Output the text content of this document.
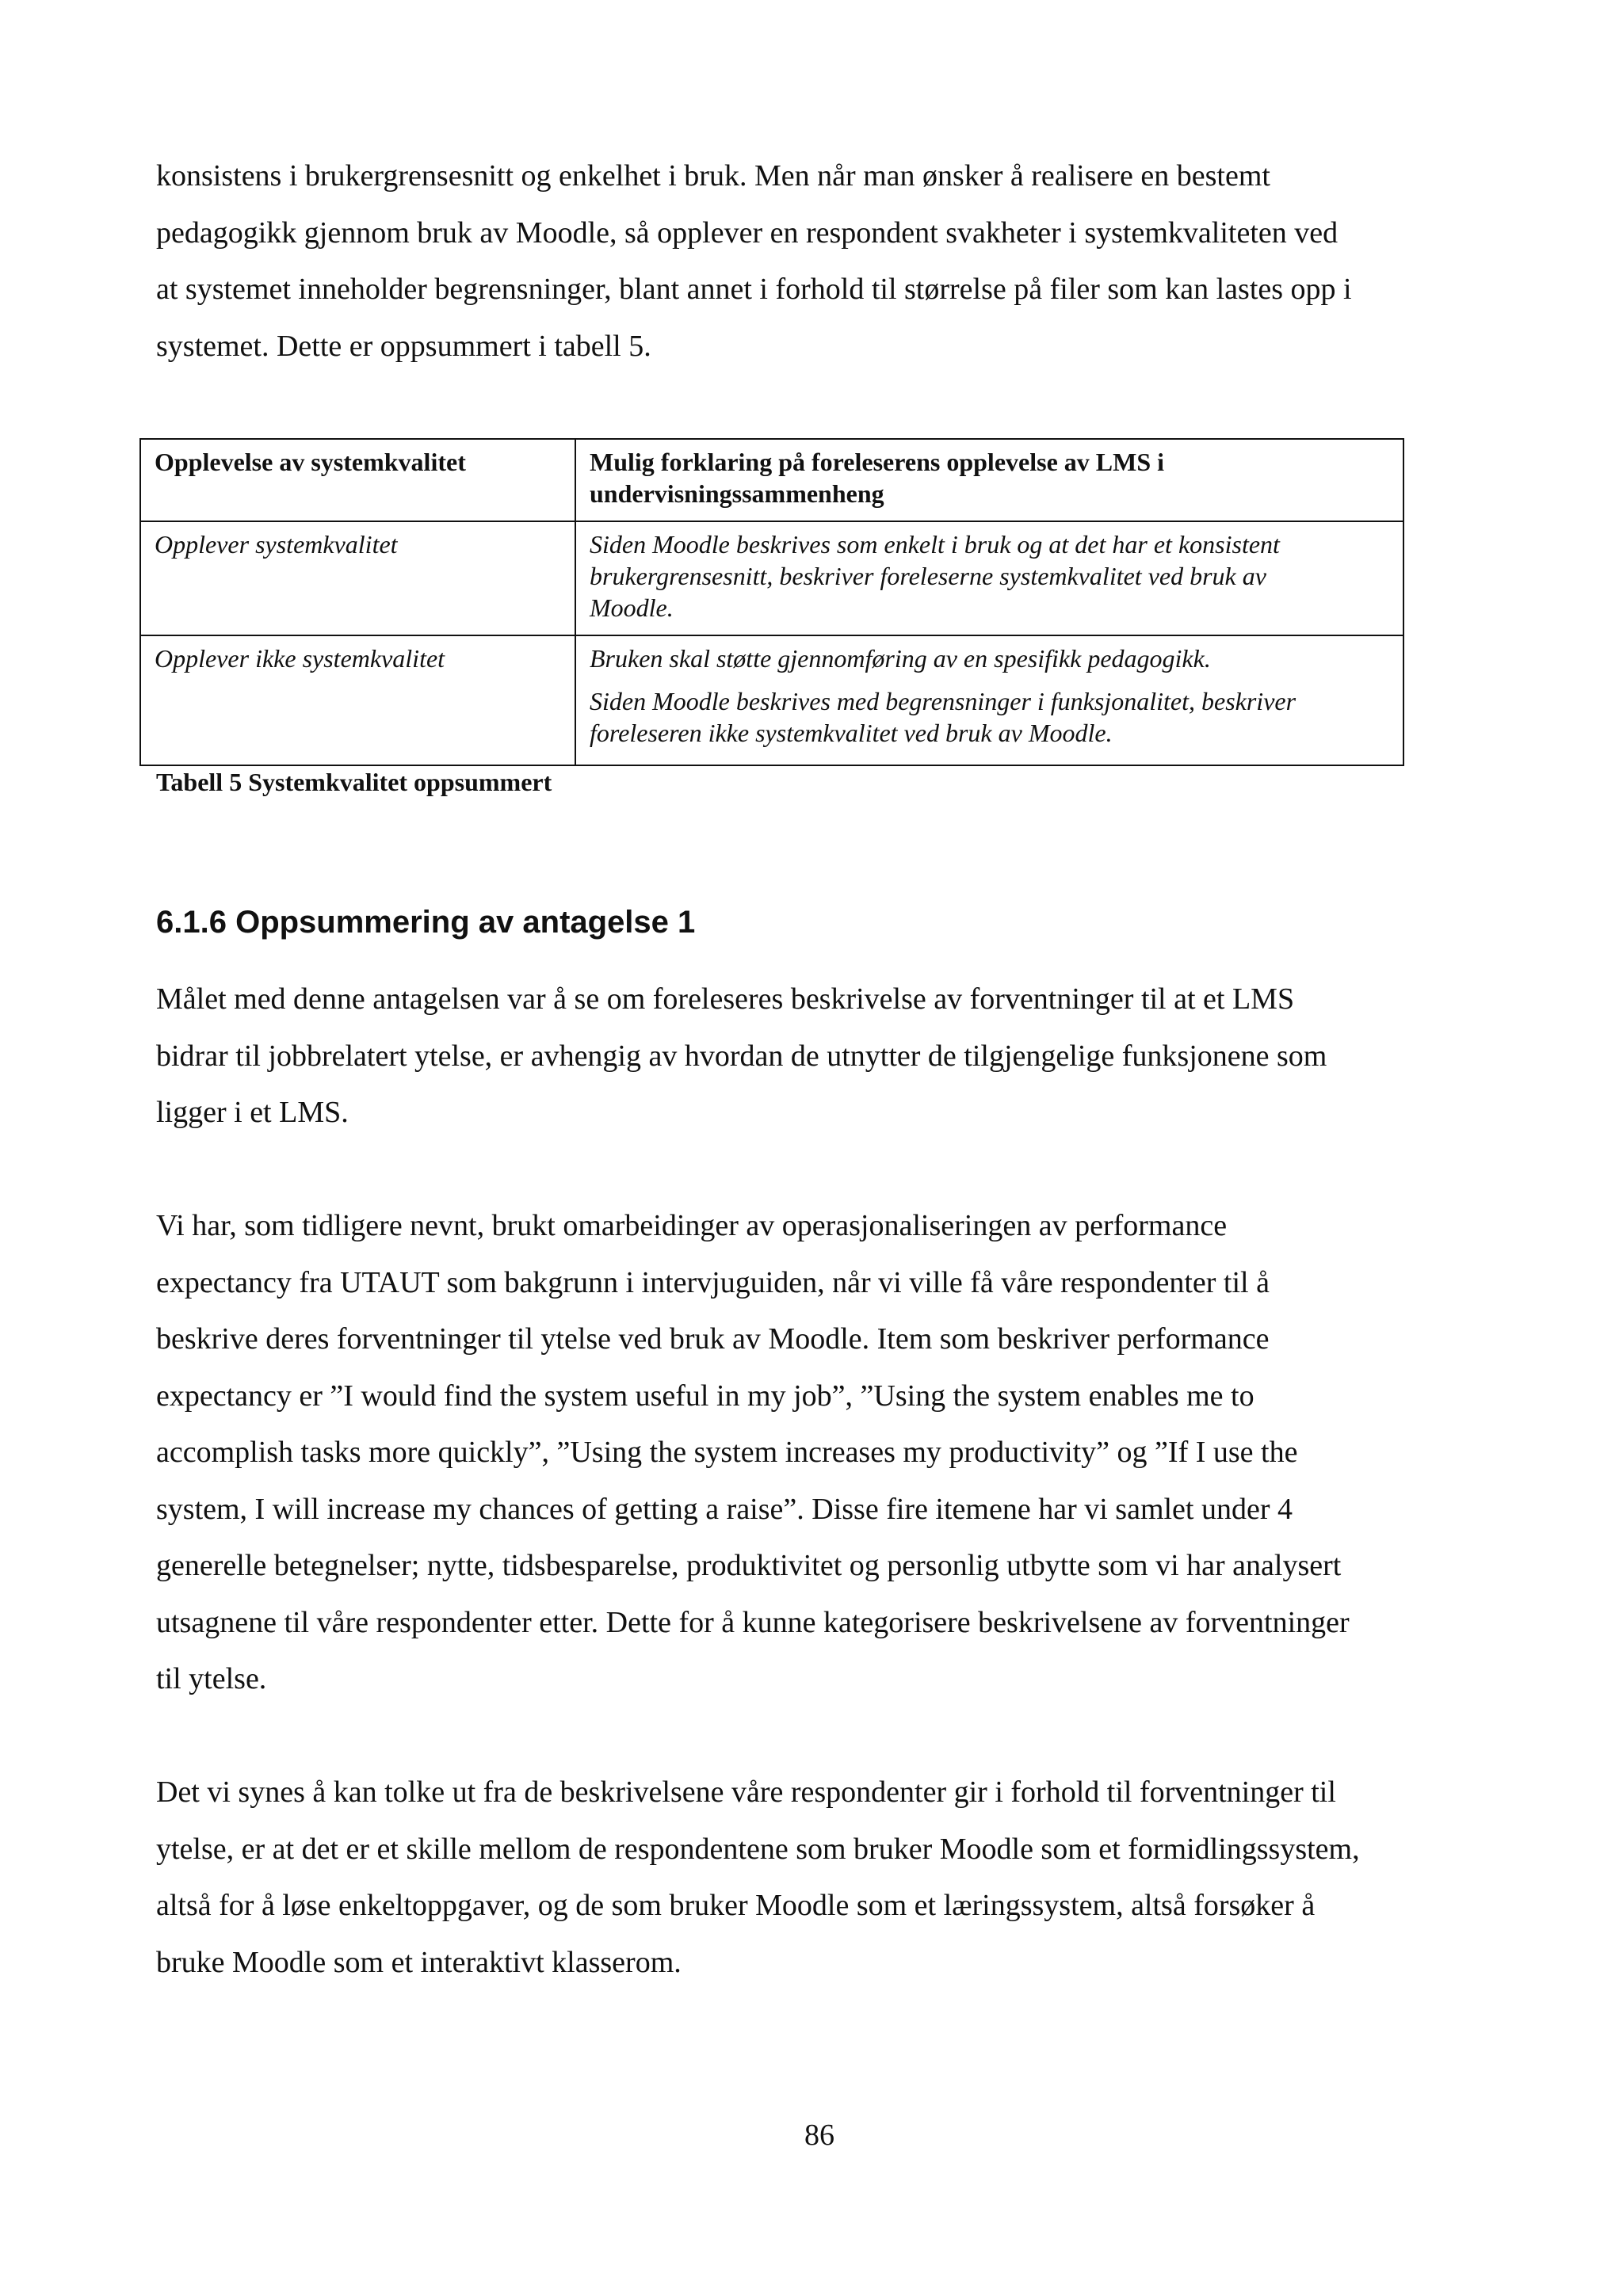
konsistens i brukergrensesnitt og enkelhet i bruk. Men når man ønsker å realisere en bestemt
pedagogikk gjennom bruk av Moodle, så opplever en respondent svakheter i systemkvaliteten ved
at systemet inneholder begrensninger, blant annet i forhold til størrelse på filer som kan lastes opp i
systemet. Dette er oppsummert i tabell 5.

Opplevelse av systemkvalitet	Mulig forklaring på foreleserens opplevelse av LMS i undervisningssammenheng
Opplever systemkvalitet	Siden Moodle beskrives som enkelt i bruk og at det har et konsistent
brukergrensesnitt, beskriver foreleserne systemkvalitet ved bruk av
Moodle.

Opplever ikke systemkvalitet	Bruken skal støtte gjennomføring av en spesifikk pedagogikk.
Siden Moodle beskrives med begrensninger i funksjonalitet, beskriver
foreleseren ikke systemkvalitet ved bruk av Moodle.
Tabell 5 Systemkvalitet oppsummert
6.1.6 Oppsummering av antagelse 1

Målet med denne antagelsen var å se om foreleseres beskrivelse av forventninger til at et LMS
bidrar til jobbrelatert ytelse, er avhengig av hvordan de utnytter de tilgjengelige funksjonene som
ligger i et LMS.

Vi har, som tidligere nevnt, brukt omarbeidinger av operasjonaliseringen av performance
expectancy fra UTAUT som bakgrunn i intervjuguiden, når vi ville få våre respondenter til å
beskrive deres forventninger til ytelse ved bruk av Moodle. Item som beskriver performance
expectancy er ”I would find the system useful in my job”, ”Using the system enables me to
accomplish tasks more quickly”, ”Using the system increases my productivity” og ”If I use the
system, I will increase my chances of getting a raise”. Disse fire itemene har vi samlet under 4
generelle betegnelser; nytte, tidsbesparelse, produktivitet og personlig utbytte som vi har analysert
utsagnene til våre respondenter etter. Dette for å kunne kategorisere beskrivelsene av forventninger
til ytelse.

Det vi synes å kan tolke ut fra de beskrivelsene våre respondenter gir i forhold til forventninger til
ytelse, er at det er et skille mellom de respondentene som bruker Moodle som et formidlingssystem,
altså for å løse enkeltoppgaver, og de som bruker Moodle som et læringssystem, altså forsøker å
bruke Moodle som et interaktivt klasserom.

86
